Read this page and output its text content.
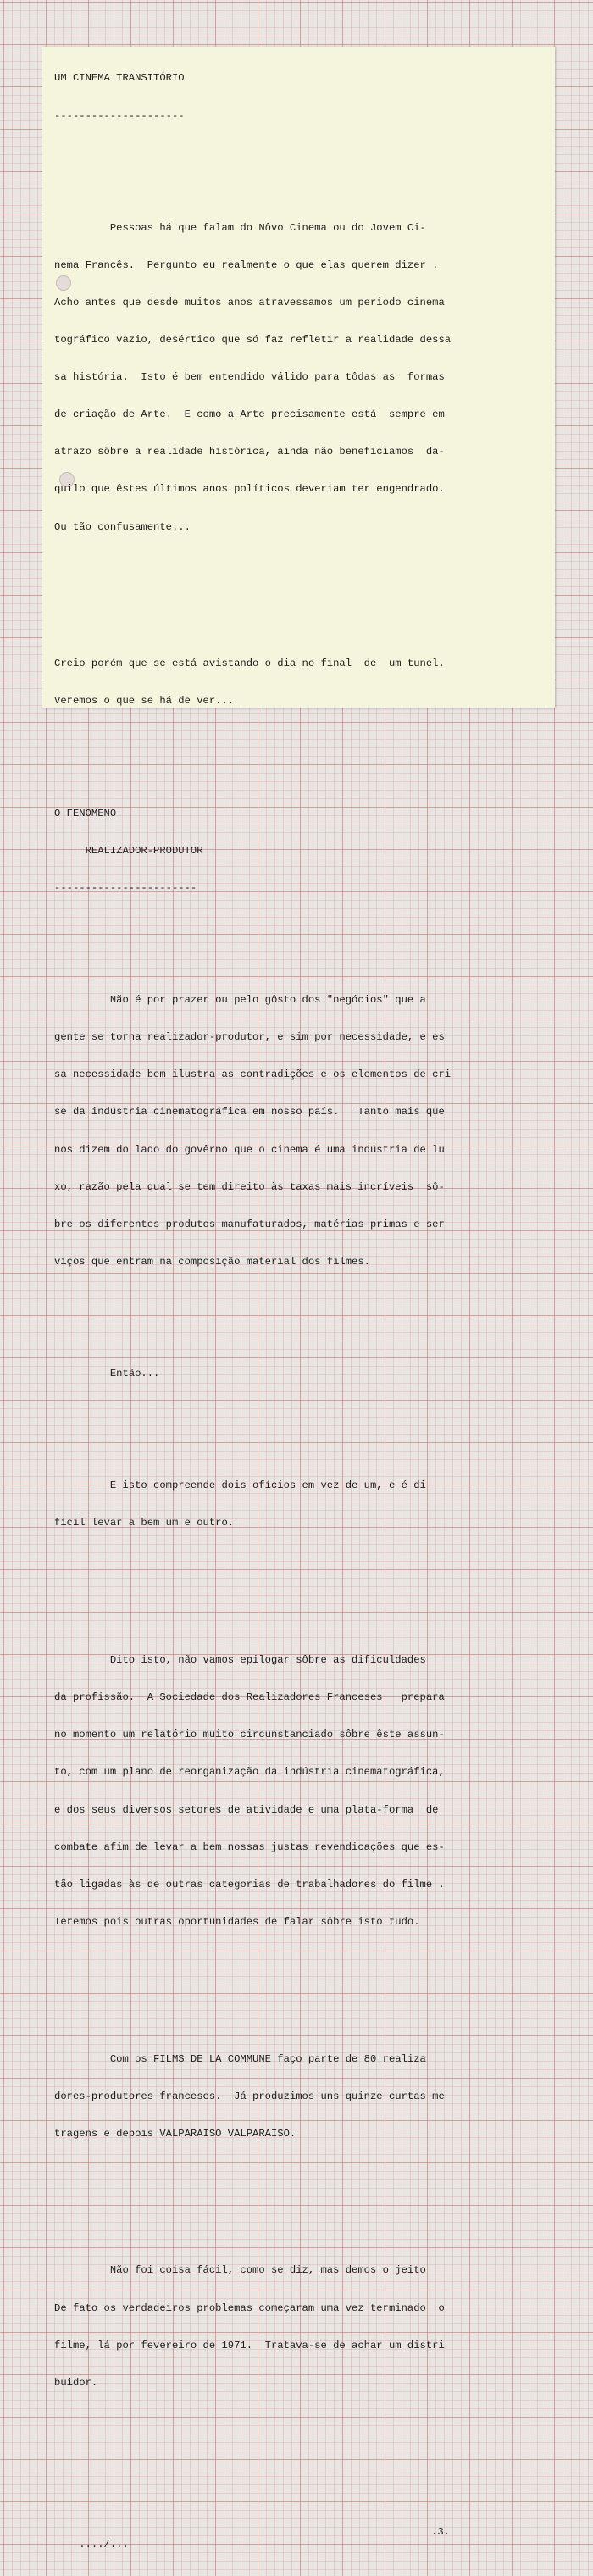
UM CINEMA TRANSITÓRIO

---------------------

Pessoas há que falam do Nôvo Cinema ou do Jovem Ci-

nema Francês.  Pergunto eu realmente o que elas querem dizer .

Acho antes que desde muitos anos atravessamos um periodo cinema

tográfico vazio, desértico que só faz refletir a realidade dessa

sa história.  Isto é bem entendido válido para tôdas as  formas

de criação de Arte.  E como a Arte precisamente está  sempre em

atrazo sôbre a realidade histórica, ainda não beneficiamos  da-

quilo que êstes últimos anos políticos deveriam ter engendrado.

Ou tão confusamente...

Creio porém que se está avistando o dia no final  de  um tunel.

Veremos o que se há de ver...

O FENÔMENO

REALIZADOR-PRODUTOR

-----------------------

Não é por prazer ou pelo gôsto dos "negócios" que a

gente se torna realizador-produtor, e sim por necessidade, e es

sa necessidade bem ilustra as contradições e os elementos de cri

se da indústria cinematográfica em nosso país.   Tanto mais que

nos dizem do lado do govêrno que o cinema é uma indústria de lu

xo, razão pela qual se tem direito às taxas mais incríveis  sô-

bre os diferentes produtos manufaturados, matérias primas e ser

viços que entram na composição material dos filmes.

Então...

E isto compreende dois ofícios em vez de um, e é di

fícil levar a bem um e outro.

Dito isto, não vamos epilogar sôbre as dificuldades

da profissão.  A Sociedade dos Realizadores Franceses   prepara

no momento um relatório muito circunstanciado sôbre êste assun-

to, com um plano de reorganização da indústria cinematográfica,

e dos seus diversos setores de atividade e uma plata-forma  de

combate afim de levar a bem nossas justas revendicações que es-

tão ligadas às de outras categorias de trabalhadores do filme .

Teremos pois outras oportunidades de falar sôbre isto tudo.

Com os FILMS DE LA COMMUNE faço parte de 80 realiza

dores-produtores franceses.  Já produzimos uns quinze curtas me

tragens e depois VALPARAISO VALPARAISO.

Não foi coisa fácil, como se diz, mas demos o jeito

De fato os verdadeiros problemas começaram uma vez terminado  o

filme, lá por fevereiro de 1971.  Tratava-se de achar um distri

buidor.

..../...

.3.
